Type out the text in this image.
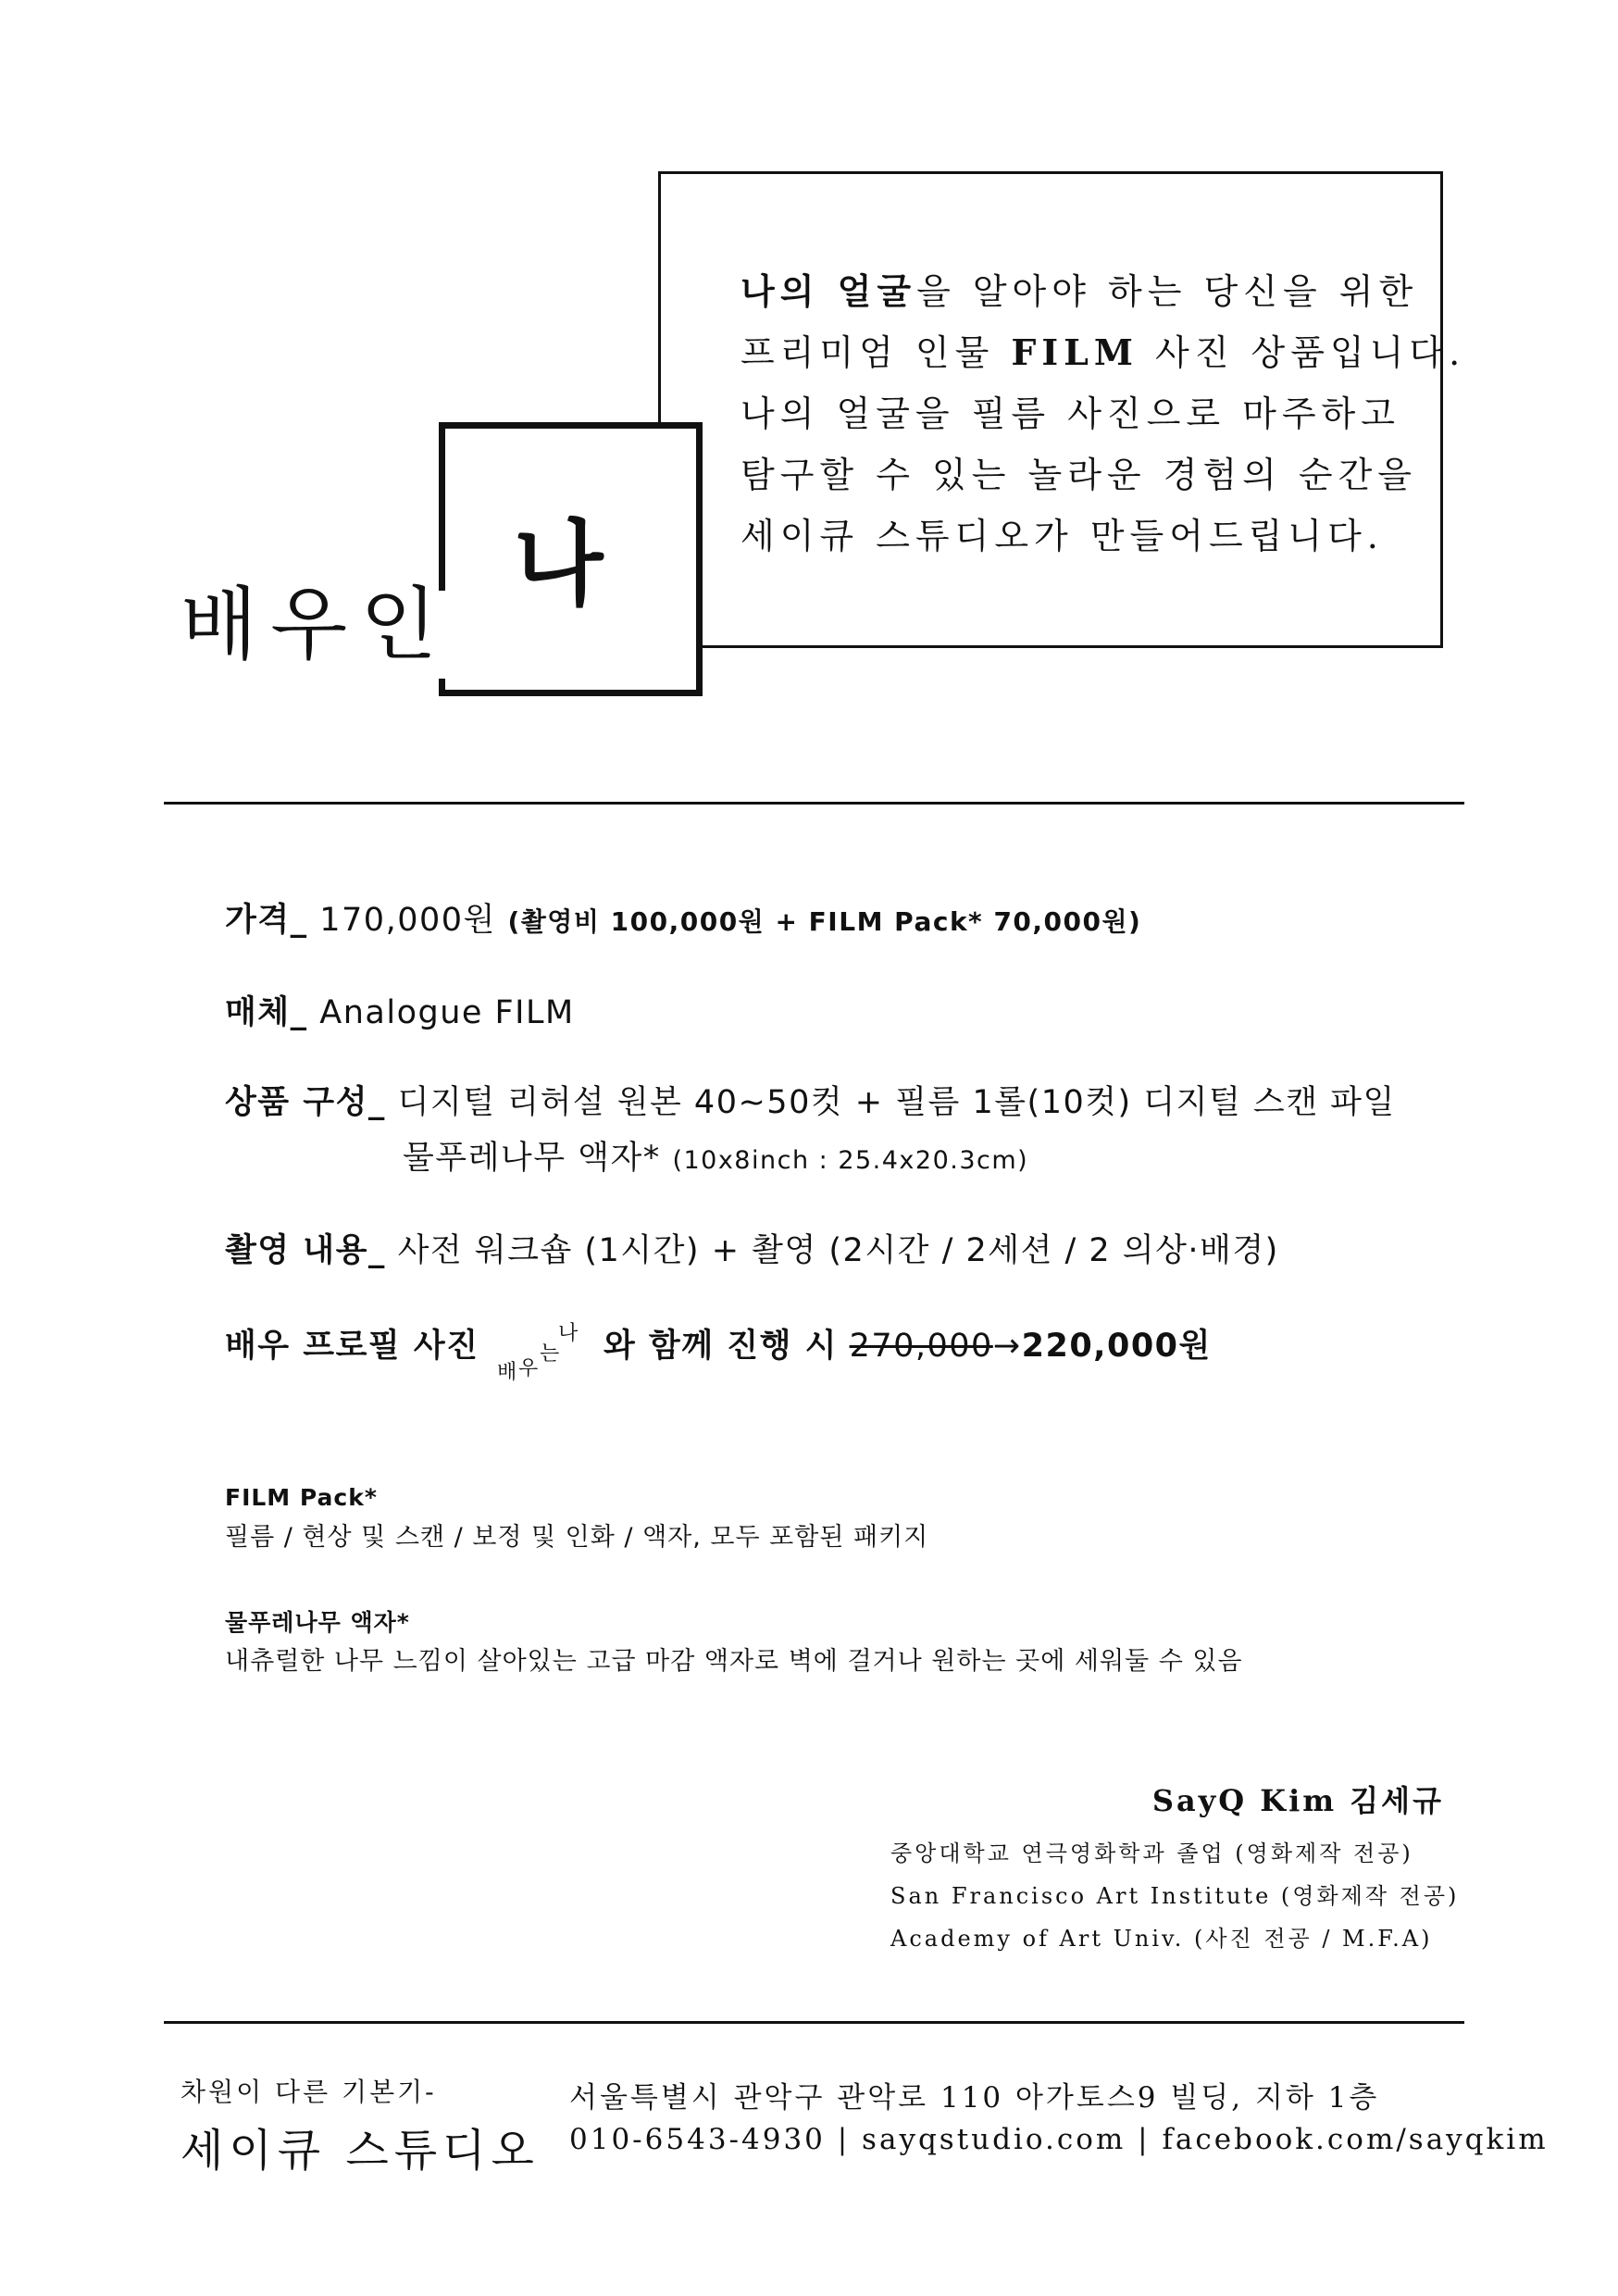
나의 얼굴을 알아야 하는 당신을 위한
프리미엄 인물 FILM 사진 상품입니다.
나의 얼굴을 필름 사진으로 마주하고
탐구할 수 있는 놀라운 경험의 순간을
세이큐 스튜디오가 만들어드립니다.
나
배우인
가격_ 170,000원 (촬영비 100,000원 + FILM Pack* 70,000원)
매체_ Analogue FILM
상품 구성_ 디지털 리허설 원본 40~50컷 + 필름 1롤(10컷) 디지털 스캔 파일
물푸레나무 액자* (10x8inch : 25.4x20.3cm)
촬영 내용_ 사전 워크숍 (1시간) + 촬영 (2시간 / 2세션 / 2 의상·배경)
배우 프로필 사진
배 우
는
나 와 함께 진행 시 270,000→220,000원
FILM Pack*
필름 / 현상 및 스캔 / 보정 및 인화 / 액자, 모두 포함된 패키지
물푸레나무 액자*
내츄럴한 나무 느낌이 살아있는 고급 마감 액자로 벽에 걸거나 원하는 곳에 세워둘 수 있음
SayQ Kim 김세규
중앙대학교 연극영화학과 졸업 (영화제작 전공)
San Francisco Art Institute (영화제작 전공)
Academy of Art Univ. (사진 전공 / M.F.A)
차원이 다른 기본기-
세이큐 스튜디오
서울특별시 관악구 관악로 110 아가토스9 빌딩, 지하 1층
010-6543-4930 | sayqstudio.com | facebook.com/sayqkim
